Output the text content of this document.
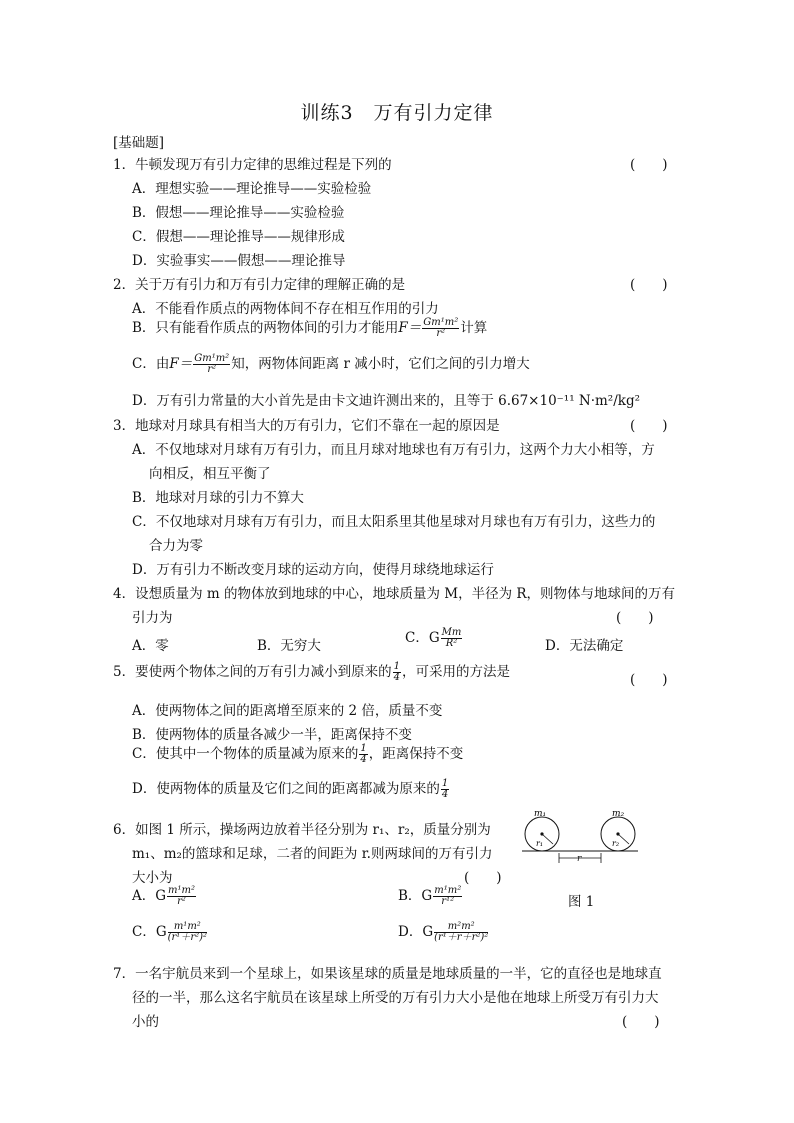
训练3　万有引力定律
[基础题]
1．牛顿发现万有引力定律的思维过程是下列的	(　　)
A．理想实验——理论推导——实验检验
B．假想——理论推导——实验检验
C．假想——理论推导——规律形成
D．实验事实——假想——理论推导
2．关于万有引力和万有引力定律的理解正确的是	(　　)
A．不能看作质点的两物体间不存在相互作用的引力
B．只有能看作质点的两物体间的引力才能用$F= \frac{\text{Gm¹m²}}{\text{r²}}$ 计算
C．由$F= \frac{\text{Gm¹m²}}{\text{r²}}$ 知，两物体间距离 r 减小时，它们之间的引力增大
D．万有引力常量的大小首先是由卡文迪许测出来的，且等于 6.67×10⁻¹¹ N·m²/kg²
3．地球对月球具有相当大的万有引力，它们不靠在一起的原因是	(　　)
A．不仅地球对月球有万有引力，而且月球对地球也有万有引力，这两个力大小相等，方
向相反，相互平衡了
B．地球对月球的引力不算大
C．不仅地球对月球有万有引力，而且太阳系里其他星球对月球也有万有引力，这些力的
合力为零
D．万有引力不断改变月球的运动方向，使得月球绕地球运行
4．设想质量为 m 的物体放到地球的中心，地球质量为 M，半径为 R，则物体与地球间的万有
引力为	(　　)
A．零	B．无穷大	C．G $\frac{Mm}{\text{R²}}$	D．无法确定
5．要使两个物体之间的万有引力减小到原来的 $\frac{1}{4}$ ，可采用的方法是	(　　)
A．使两物体之间的距离增至原来的 2 倍，质量不变
B．使两物体的质量各减少一半，距离保持不变
C．使其中一个物体的质量减为原来的 $\frac{1}{4}$ ，距离保持不变
D．使两物体的质量及它们之间的距离都减为原来的 $\frac{1}{4}$
6．如图 1 所示，操场两边放着半径分别为 r₁、r₂，质量分别为
m₁、m₂的篮球和足球，二者的间距为 r.则两球间的万有引力
大小为	(　　)
m₁	m₂
r₁	r₂
r
图 1
A．G $\frac{\text{m¹m²}}{\text{r²}}$	B．G $\frac{\text{m¹m²}}{\text{r¹²}}$
C．G $\frac{\text{m¹m²}}{\text{(r¹＋r²)²}}$	D．G $\frac{\text{m²m²}}{\text{(r¹＋r＋r²)²}}$
7．一名宇航员来到一个星球上，如果该星球的质量是地球质量的一半，它的直径也是地球直
径的一半，那么这名宇航员在该星球上所受的万有引力大小是他在地球上所受万有引力大
小的	(　　)
